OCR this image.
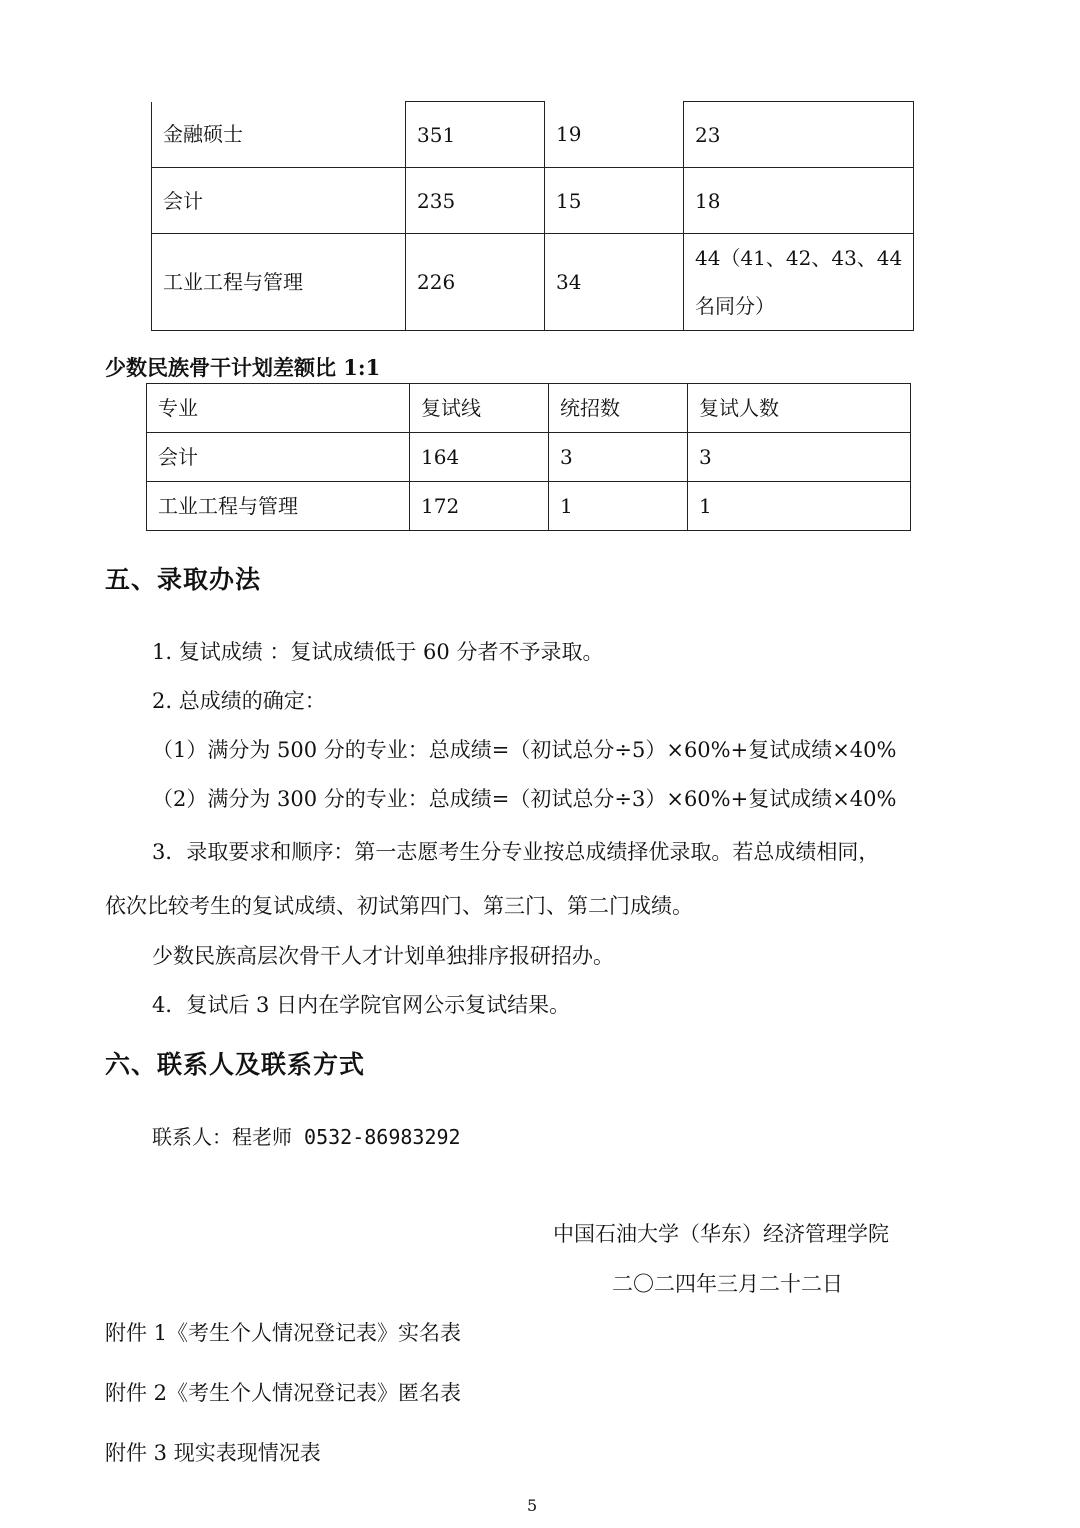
金融硕士	351	19	23
会计	235	15	18
工业工程与管理	226	34	44（41、42、43、44 名同分）
少数民族骨干计划差额比 1:1
专业	复试线	统招数	复试人数
会计	164	3	3
工业工程与管理	172	1	1
五、录取办法
1. 复试成绩 ：复试成绩低于 60 分者不予录取。
2. 总成绩的确定：
（1）满分为 500 分的专业：总成绩=（初试总分÷5）×60%+复试成绩×40%
（2）满分为 300 分的专业：总成绩=（初试总分÷3）×60%+复试成绩×40%
3．录取要求和顺序：第一志愿考生分专业按总成绩择优录取。若总成绩相同，
依次比较考生的复试成绩、初试第四门、第三门、第二门成绩。
少数民族高层次骨干人才计划单独排序报研招办。
4．复试后 3 日内在学院官网公示复试结果。
六、联系人及联系方式
联系人：程老师 0532-86983292
中国石油大学（华东）经济管理学院
二〇二四年三月二十二日
附件 1《考生个人情况登记表》实名表
附件 2《考生个人情况登记表》匿名表
附件 3 现实表现情况表
5
